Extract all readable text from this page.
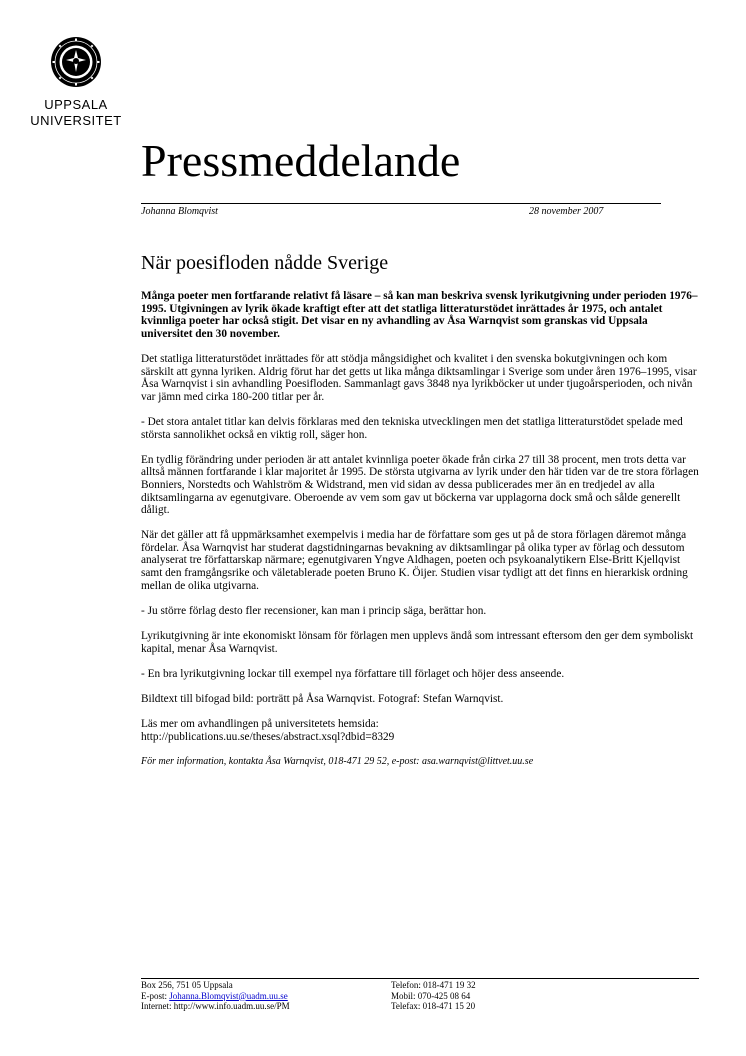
UPPSALA
UNIVERSITET
Pressmeddelande
Johanna Blomqvist	28 november 2007
När poesifloden nådde Sverige

Många poeter men fortfarande relativt få läsare – så kan man beskriva svensk lyrikutgivning under perioden 1976–1995. Utgivningen av lyrik ökade kraftigt efter att det statliga litteraturstödet inrättades år 1975, och antalet kvinnliga poeter har också stigit. Det visar en ny avhandling av Åsa Warnqvist som granskas vid Uppsala universitet den 30 november.

Det statliga litteraturstödet inrättades för att stödja mångsidighet och kvalitet i den svenska bokutgivningen och kom särskilt att gynna lyriken. Aldrig förut har det getts ut lika många diktsamlingar i Sverige som under åren 1976–1995, visar Åsa Warnqvist i sin avhandling Poesifloden. Sammanlagt gavs 3848 nya lyrikböcker ut under tjugoårsperioden, och nivån var jämn med cirka 180-200 titlar per år.

- Det stora antalet titlar kan delvis förklaras med den tekniska utvecklingen men det statliga litteraturstödet spelade med största sannolikhet också en viktig roll, säger hon.

En tydlig förändring under perioden är att antalet kvinnliga poeter ökade från cirka 27 till 38 procent, men trots detta var alltså männen fortfarande i klar majoritet år 1995. De största utgivarna av lyrik under den här tiden var de tre stora förlagen Bonniers, Norstedts och Wahlström & Widstrand, men vid sidan av dessa publicerades mer än en tredjedel av alla diktsamlingarna av egenutgivare. Oberoende av vem som gav ut böckerna var upplagorna dock små och sålde generellt dåligt.

När det gäller att få uppmärksamhet exempelvis i media har de författare som ges ut på de stora förlagen däremot många fördelar. Åsa Warnqvist har studerat dagstidningarnas bevakning av diktsamlingar på olika typer av förlag och dessutom analyserat tre författarskap närmare; egenutgivaren Yngve Aldhagen, poeten och psykoanalytikern Else-Britt Kjellqvist samt den framgångsrike och väletablerade poeten Bruno K. Öijer. Studien visar tydligt att det finns en hierarkisk ordning mellan de olika utgivarna.

- Ju större förlag desto fler recensioner, kan man i princip säga, berättar hon.

Lyrikutgivning är inte ekonomiskt lönsam för förlagen men upplevs ändå som intressant eftersom den ger dem symboliskt kapital, menar Åsa Warnqvist.

- En bra lyrikutgivning lockar till exempel nya författare till förlaget och höjer dess anseende.

Bildtext till bifogad bild: porträtt på Åsa Warnqvist. Fotograf: Stefan Warnqvist.

Läs mer om avhandlingen på universitetets hemsida:
http://publications.uu.se/theses/abstract.xsql?dbid=8329

För mer information, kontakta Åsa Warnqvist, 018-471 29 52, e-post: asa.warnqvist@littvet.uu.se

Box 256, 751 05 Uppsala
E-post: Johanna.Blomqvist@uadm.uu.se
Internet: http://www.info.uadm.uu.se/PM
Telefon: 018-471 19 32
Mobil: 070-425 08 64
Telefax: 018-471 15 20
